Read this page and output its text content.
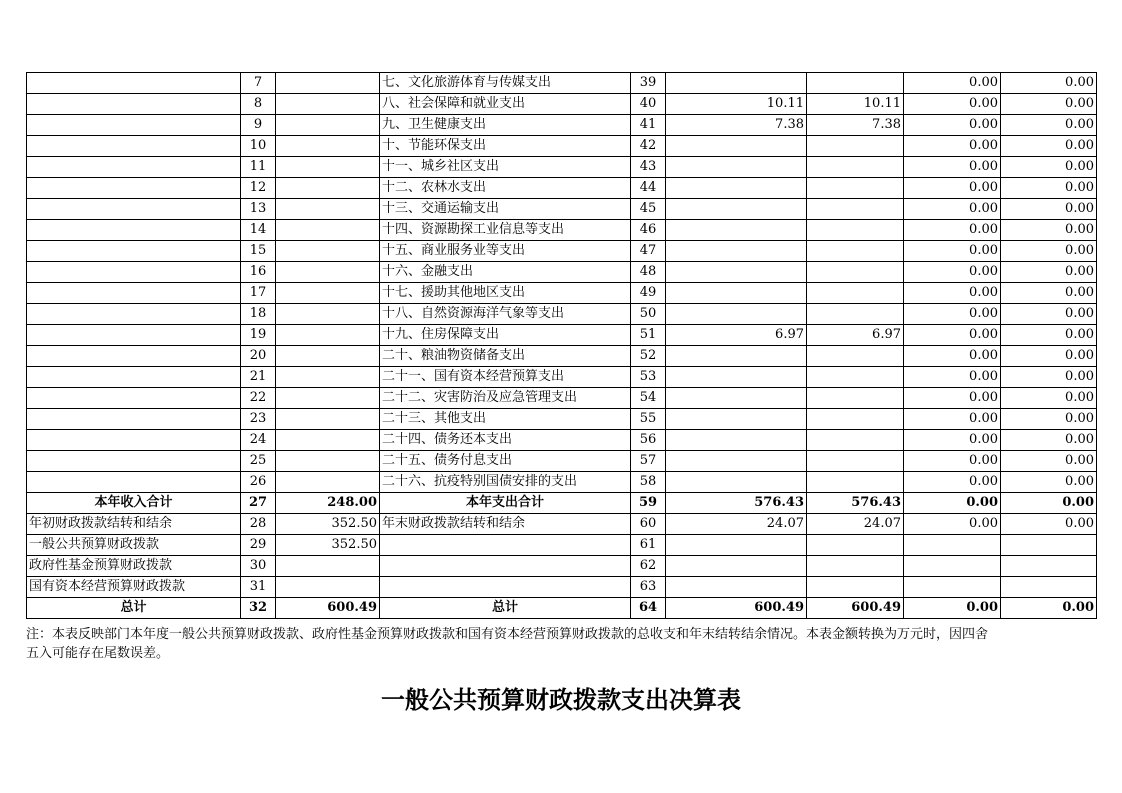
	7		七、文化旅游体育与传媒支出	39			0.00	0.00
	8		八、社会保障和就业支出	40	10.11	10.11	0.00	0.00
	9		九、卫生健康支出	41	7.38	7.38	0.00	0.00
	10		十、节能环保支出	42			0.00	0.00
	11		十一、城乡社区支出	43			0.00	0.00
	12		十二、农林水支出	44			0.00	0.00
	13		十三、交通运输支出	45			0.00	0.00
	14		十四、资源勘探工业信息等支出	46			0.00	0.00
	15		十五、商业服务业等支出	47			0.00	0.00
	16		十六、金融支出	48			0.00	0.00
	17		十七、援助其他地区支出	49			0.00	0.00
	18		十八、自然资源海洋气象等支出	50			0.00	0.00
	19		十九、住房保障支出	51	6.97	6.97	0.00	0.00
	20		二十、粮油物资储备支出	52			0.00	0.00
	21		二十一、国有资本经营预算支出	53			0.00	0.00
	22		二十二、灾害防治及应急管理支出	54			0.00	0.00
	23		二十三、其他支出	55			0.00	0.00
	24		二十四、债务还本支出	56			0.00	0.00
	25		二十五、债务付息支出	57			0.00	0.00
	26		二十六、抗疫特别国债安排的支出	58			0.00	0.00
本年收入合计	27	248.00	本年支出合计	59	576.43	576.43	0.00	0.00
年初财政拨款结转和结余	28	352.50	年末财政拨款结转和结余	60	24.07	24.07	0.00	0.00
一般公共预算财政拨款	29	352.50		61				
政府性基金预算财政拨款	30			62				
国有资本经营预算财政拨款	31			63				
总计	32	600.49	总计	64	600.49	600.49	0.00	0.00
注：本表反映部门本年度一般公共预算财政拨款、政府性基金预算财政拨款和国有资本经营预算财政拨款的总收支和年末结转结余情况。本表金额转换为万元时，因四舍
五入可能存在尾数误差。
一般公共预算财政拨款支出决算表
